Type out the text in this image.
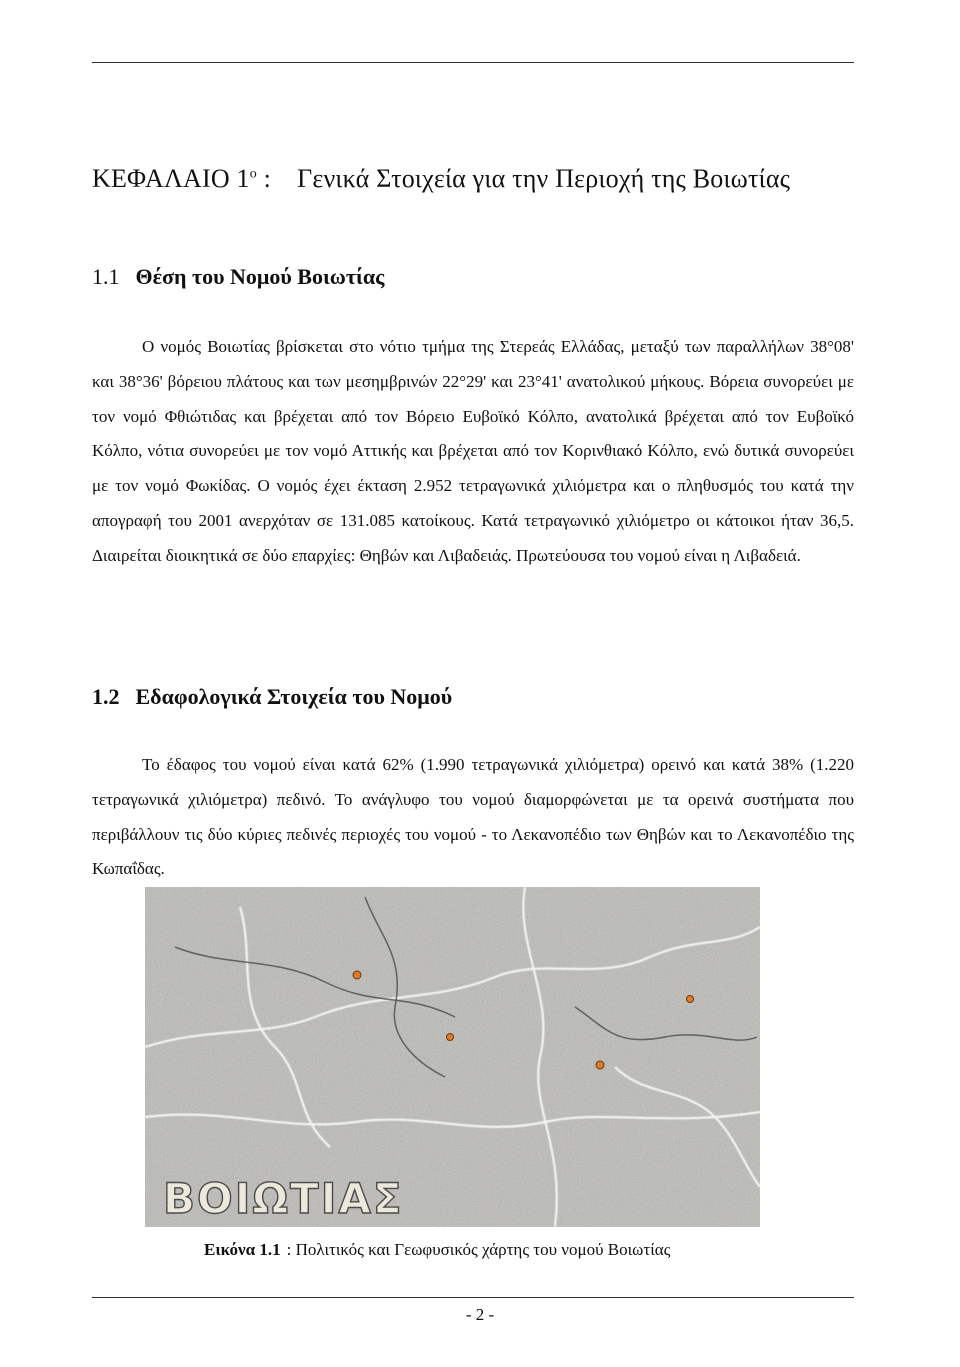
ΚΕΦΑΛΑΙΟ $1^o$ : Γενικά Στοιχεία για την Περιοχή της Βοιωτίας
1.1 Θέση του Νομού Βοιωτίας

Ο νομός Βοιωτίας βρίσκεται στο νότιο τμήμα της Στερεάς Ελλάδας, μεταξύ των παραλλήλων 38°08' και 38°36' βόρειου πλάτους και των μεσημβρινών 22°29' και 23°41' ανατολικού μήκους. Βόρεια συνορεύει με τον νομό Φθιώτιδας και βρέχεται από τον Βόρειο Ευβοϊκό Κόλπο, ανατολικά βρέχεται από τον Ευβοϊκό Κόλπο, νότια συνορεύει με τον νομό Αττικής και βρέχεται από τον Κορινθιακό Κόλπο, ενώ δυτικά συνορεύει με τον νομό Φωκίδας. Ο νομός έχει έκταση 2.952 τετραγωνικά χιλιόμετρα και ο πληθυσμός του κατά την απογραφή του 2001 ανερχόταν σε 131.085 κατοίκους. Κατά τετραγωνικό χιλιόμετρο οι κάτοικοι ήταν 36,5. Διαιρείται διοικητικά σε δύο επαρχίες: Θηβών και Λιβαδειάς. Πρωτεύουσα του νομού είναι η Λιβαδειά.

1.2 Εδαφολογικά Στοιχεία του Νομού

Το έδαφος του νομού είναι κατά 62% (1.990 τετραγωνικά χιλιόμετρα) ορεινό και κατά 38% (1.220 τετραγωνικά χιλιόμετρα) πεδινό. Το ανάγλυφο του νομού διαμορφώνεται με τα ορεινά συστήματα που περιβάλλουν τις δύο κύριες πεδινές περιοχές του νομού - το Λεκανοπέδιο των Θηβών και το Λεκανοπέδιο της Κωπαΐδας.

ΒΟΙΩΤΙΑΣ
Εικόνα 1.1 : Πολιτικός και Γεωφυσικός χάρτης του νομού Βοιωτίας
- 2 -
